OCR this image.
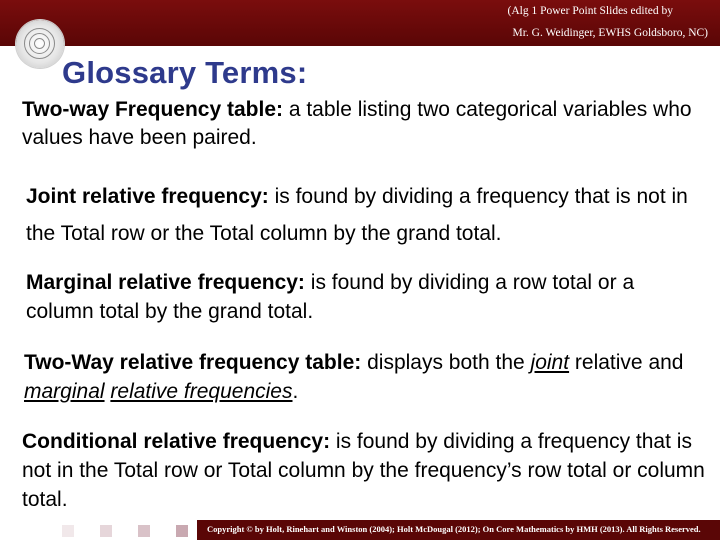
(Alg 1 Power Point Slides edited by
Mr. G. Weidinger, EWHS Goldsboro, NC)
Glossary Terms:

Two-way Frequency table: a table listing two categorical variables who values have been paired.

Joint relative frequency: is found by dividing a frequency that is not in the Total row or the Total column by the grand total.

Marginal relative frequency: is found by dividing a row total or a column total by the grand total.

Two-Way relative frequency table: displays both the joint relative and marginal relative frequencies.

Conditional relative frequency: is found by dividing a frequency that is not in the Total row or Total column by the frequency’s row total or column total.

Copyright © by Holt, Rinehart and Winston (2004); Holt McDougal (2012); On Core Mathematics by HMH (2013). All Rights Reserved.
